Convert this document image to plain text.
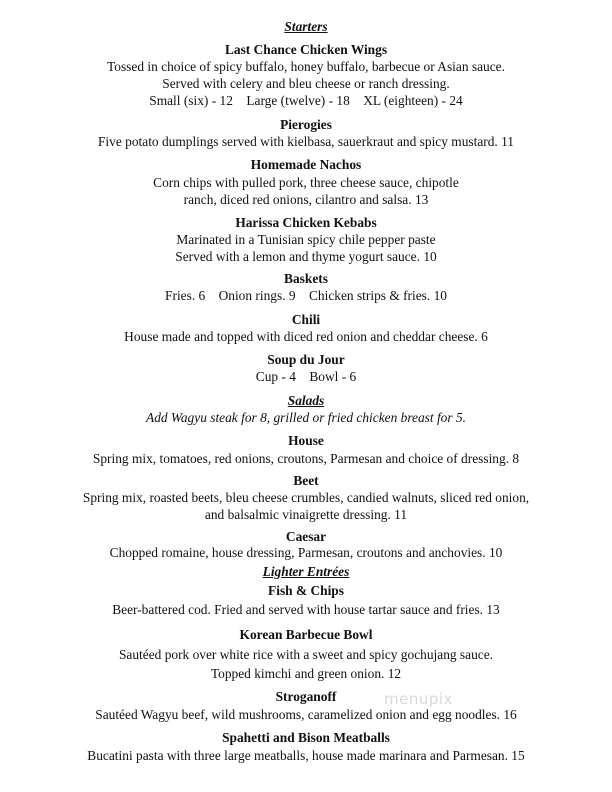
Starters
Last Chance Chicken Wings
Tossed in choice of spicy buffalo, honey buffalo, barbecue or Asian sauce.
Served with celery and bleu cheese or ranch dressing.
Small (six) - 12    Large (twelve) - 18    XL (eighteen) - 24
Pierogies
Five potato dumplings served with kielbasa, sauerkraut and spicy mustard. 11
Homemade Nachos
Corn chips with pulled pork, three cheese sauce, chipotle
ranch, diced red onions, cilantro and salsa. 13
Harissa Chicken Kebabs
Marinated in a Tunisian spicy chile pepper paste
Served with a lemon and thyme yogurt sauce. 10
Baskets
Fries. 6    Onion rings. 9    Chicken strips & fries. 10
Chili
House made and topped with diced red onion and cheddar cheese. 6
Soup du Jour
Cup - 4    Bowl - 6
Salads
Add Wagyu steak for 8, grilled or fried chicken breast for 5.
House
Spring mix, tomatoes, red onions, croutons, Parmesan and choice of dressing. 8
Beet
Spring mix, roasted beets, bleu cheese crumbles, candied walnuts, sliced red onion,
and balsalmic vinaigrette dressing. 11
Caesar
Chopped romaine, house dressing, Parmesan, croutons and anchovies. 10
Lighter Entrées
Fish & Chips
Beer-battered cod. Fried and served with house tartar sauce and fries. 13
Korean Barbecue Bowl
Sautéed pork over white rice with a sweet and spicy gochujang sauce.
Topped kimchi and green onion. 12
Stroganoff
Sautéed Wagyu beef, wild mushrooms, caramelized onion and egg noodles. 16
Spahetti and Bison Meatballs
Bucatini pasta with three large meatballs, house made marinara and Parmesan. 15
menupix
